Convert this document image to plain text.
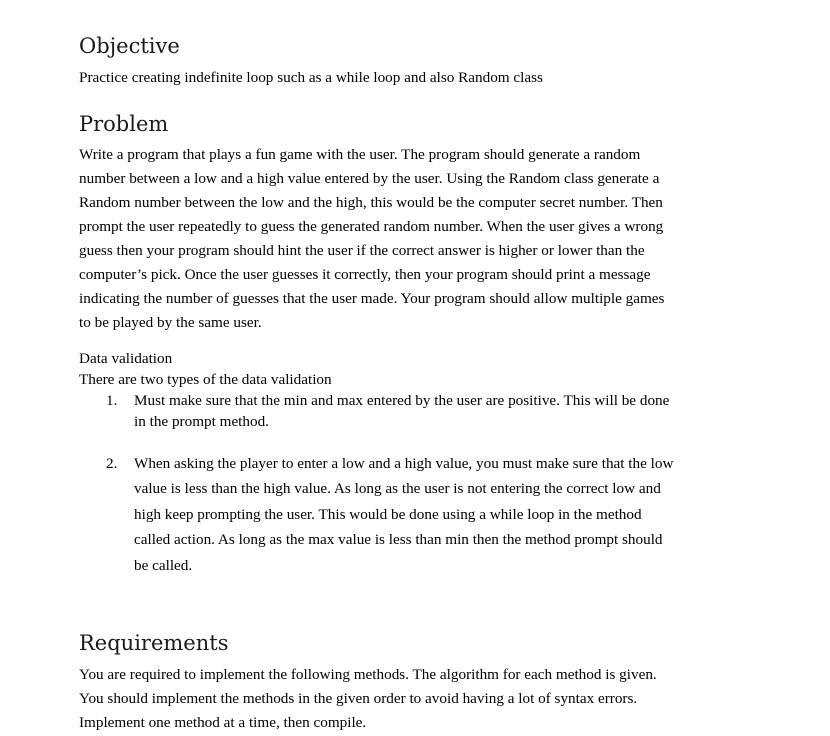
Objective

Practice creating indefinite loop such as a while loop and also Random class

Problem
Write a program that plays a fun game with the user. The program should generate a random
number between a low and a high value entered by the user. Using the Random class generate a
Random number between the low and the high, this would be the computer secret number. Then
prompt the user repeatedly to guess the generated random number. When the user gives a wrong
guess then your program should hint the user if the correct answer is higher or lower than the
computer’s pick. Once the user guesses it correctly, then your program should print a message
indicating the number of guesses that the user made. Your program should allow multiple games
to be played by the same user.

Data validation

There are two types of the data validation

1. Must make sure that the min and max entered by the user are positive. This will be done
in the prompt method.
2. When asking the player to enter a low and a high value, you must make sure that the low
value is less than the high value. As long as the user is not entering the correct low and
high keep prompting the user. This would be done using a while loop in the method
called action. As long as the max value is less than min then the method prompt should
be called.
Requirements
You are required to implement the following methods. The algorithm for each method is given.
You should implement the methods in the given order to avoid having a lot of syntax errors.
Implement one method at a time, then compile.
